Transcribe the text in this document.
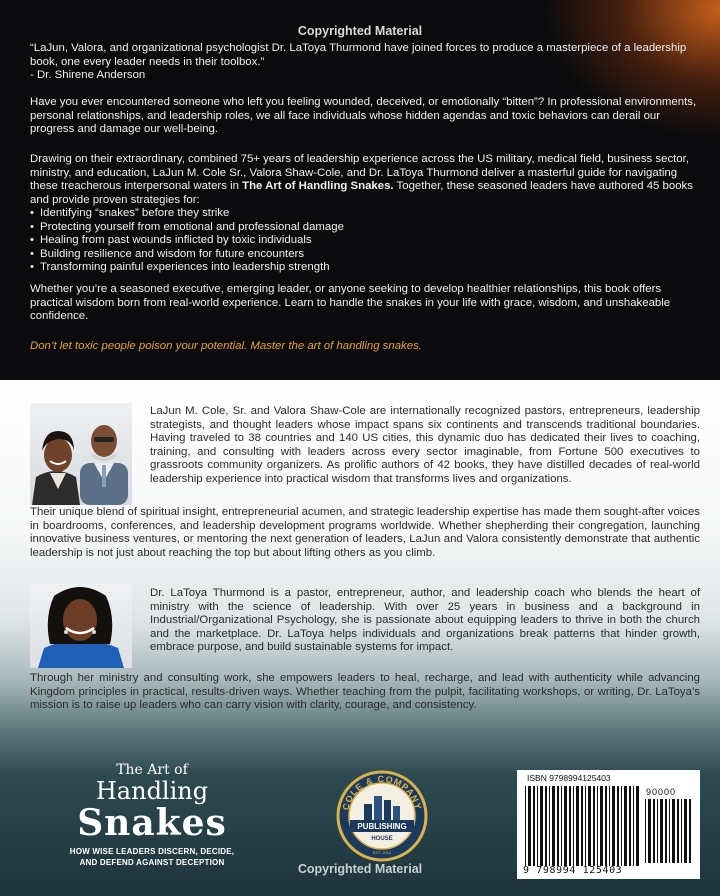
Copyrighted Material
“LaJun, Valora, and organizational psychologist Dr. LaToya Thurmond have joined forces to produce a masterpiece of a leadership book, one every leader needs in their toolbox.”
- Dr. Shirene Anderson
Have you ever encountered someone who left you feeling wounded, deceived, or emotionally “bitten”? In professional environments, personal relationships, and leadership roles, we all face individuals whose hidden agendas and toxic behaviors can derail our progress and damage our well-being.
Drawing on their extraordinary, combined 75+ years of leadership experience across the US military, medical field, business sector, ministry, and education, LaJun M. Cole Sr., Valora Shaw-Cole, and Dr. LaToya Thurmond deliver a masterful guide for navigating these treacherous interpersonal waters in The Art of Handling Snakes. Together, these seasoned leaders have authored 45 books and provide proven strategies for:
• Identifying “snakes” before they strike
• Protecting yourself from emotional and professional damage
• Healing from past wounds inflicted by toxic individuals
• Building resilience and wisdom for future encounters
• Transforming painful experiences into leadership strength
Whether you’re a seasoned executive, emerging leader, or anyone seeking to develop healthier relationships, this book offers practical wisdom born from real-world experience. Learn to handle the snakes in your life with grace, wisdom, and unshakeable confidence.
Don’t let toxic people poison your potential. Master the art of handling snakes.
LaJun M. Cole, Sr. and Valora Shaw-Cole are internationally recognized pastors, entrepreneurs, leadership strategists, and thought leaders whose impact spans six continents and transcends traditional boundaries. Having traveled to 38 countries and 140 US cities, this dynamic duo has dedicated their lives to coaching, training, and consulting with leaders across every sector imaginable, from Fortune 500 executives to grassroots community organizers. As prolific authors of 42 books, they have distilled decades of real-world leadership experience into practical wisdom that transforms lives and organizations.
Their unique blend of spiritual insight, entrepreneurial acumen, and strategic leadership expertise has made them sought-after voices in boardrooms, conferences, and leadership development programs worldwide. Whether shepherding their congregation, launching innovative business ventures, or mentoring the next generation of leaders, LaJun and Valora consistently demonstrate that authentic leadership is not just about reaching the top but about lifting others as you climb.
Dr. LaToya Thurmond is a pastor, entrepreneur, author, and leadership coach who blends the heart of ministry with the science of leadership. With over 25 years in business and a background in Industrial/Organizational Psychology, she is passionate about equipping leaders to thrive in both the church and the marketplace. Dr. LaToya helps individuals and organizations break patterns that hinder growth, embrace purpose, and build sustainable systems for impact.
Through her ministry and consulting work, she empowers leaders to heal, recharge, and lead with authenticity while advancing Kingdom principles in practical, results-driven ways. Whether teaching from the pulpit, facilitating workshops, or writing, Dr. LaToya’s mission is to raise up leaders who can carry vision with clarity, courage, and consistency.
The Art of
Handling
Snakes
HOW WISE LEADERS DISCERN, DECIDE,
AND DEFEND AGAINST DECEPTION
COLE & COMPANY
PUBLISHING
HOUSE
EST. 2012
Copyrighted Material
ISBN 9798994125403
90000
9 798994 125403
